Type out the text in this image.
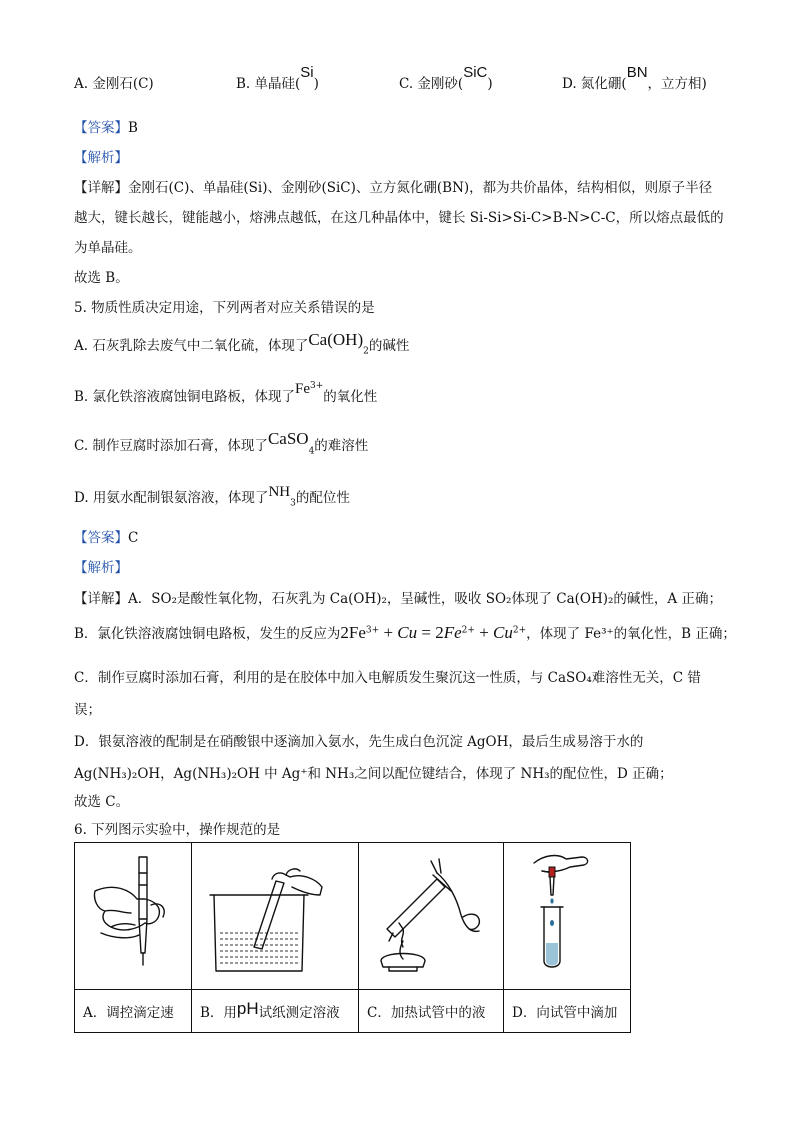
A. 金刚石(C)	B. 单晶硅(Si)	C. 金刚砂(SiC)	D. 氮化硼(BN，立方相)
【答案】B
【解析】
【详解】金刚石(C)、单晶硅(Si)、金刚砂(SiC)、立方氮化硼(BN)，都为共价晶体，结构相似，则原子半径
越大，键长越长，键能越小，熔沸点越低，在这几种晶体中，键长 Si-Si>Si-C>B-N>C-C，所以熔点最低的
为单晶硅。
故选 B。
5. 物质性质决定用途，下列两者对应关系错误的是
A. 石灰乳除去废气中二氧化硫，体现了$Ca(OH)_2$的碱性
B. 氯化铁溶液腐蚀铜电路板，体现了$Fe^{3+}$的氧化性
C. 制作豆腐时添加石膏，体现了CaSO$_4$的难溶性
D. 用氨水配制银氨溶液，体现了$NH_3$的配位性
【答案】C
【解析】
【详解】A．SO₂是酸性氧化物，石灰乳为 Ca(OH)₂，呈碱性，吸收 SO₂体现了 Ca(OH)₂的碱性，A 正确；
B．氯化铁溶液腐蚀铜电路板，发生的反应为$2Fe^{3+} + Cu = 2Fe^{2+} + Cu^{2+}$，体现了 Fe³⁺的氧化性，B 正确；
C．制作豆腐时添加石膏，利用的是在胶体中加入电解质发生聚沉这一性质，与 CaSO₄难溶性无关，C 错
误；
D．银氨溶液的配制是在硝酸银中逐滴加入氨水，先生成白色沉淀 AgOH，最后生成易溶于水的
Ag(NH₃)₂OH，Ag(NH₃)₂OH 中 Ag⁺和 NH₃之间以配位键结合，体现了 NH₃的配位性，D 正确；
故选 C。
6. 下列图示实验中，操作规范的是

A．调控滴定速	B．用pH试纸测定溶液	C．加热试管中的液	D．向试管中滴加
